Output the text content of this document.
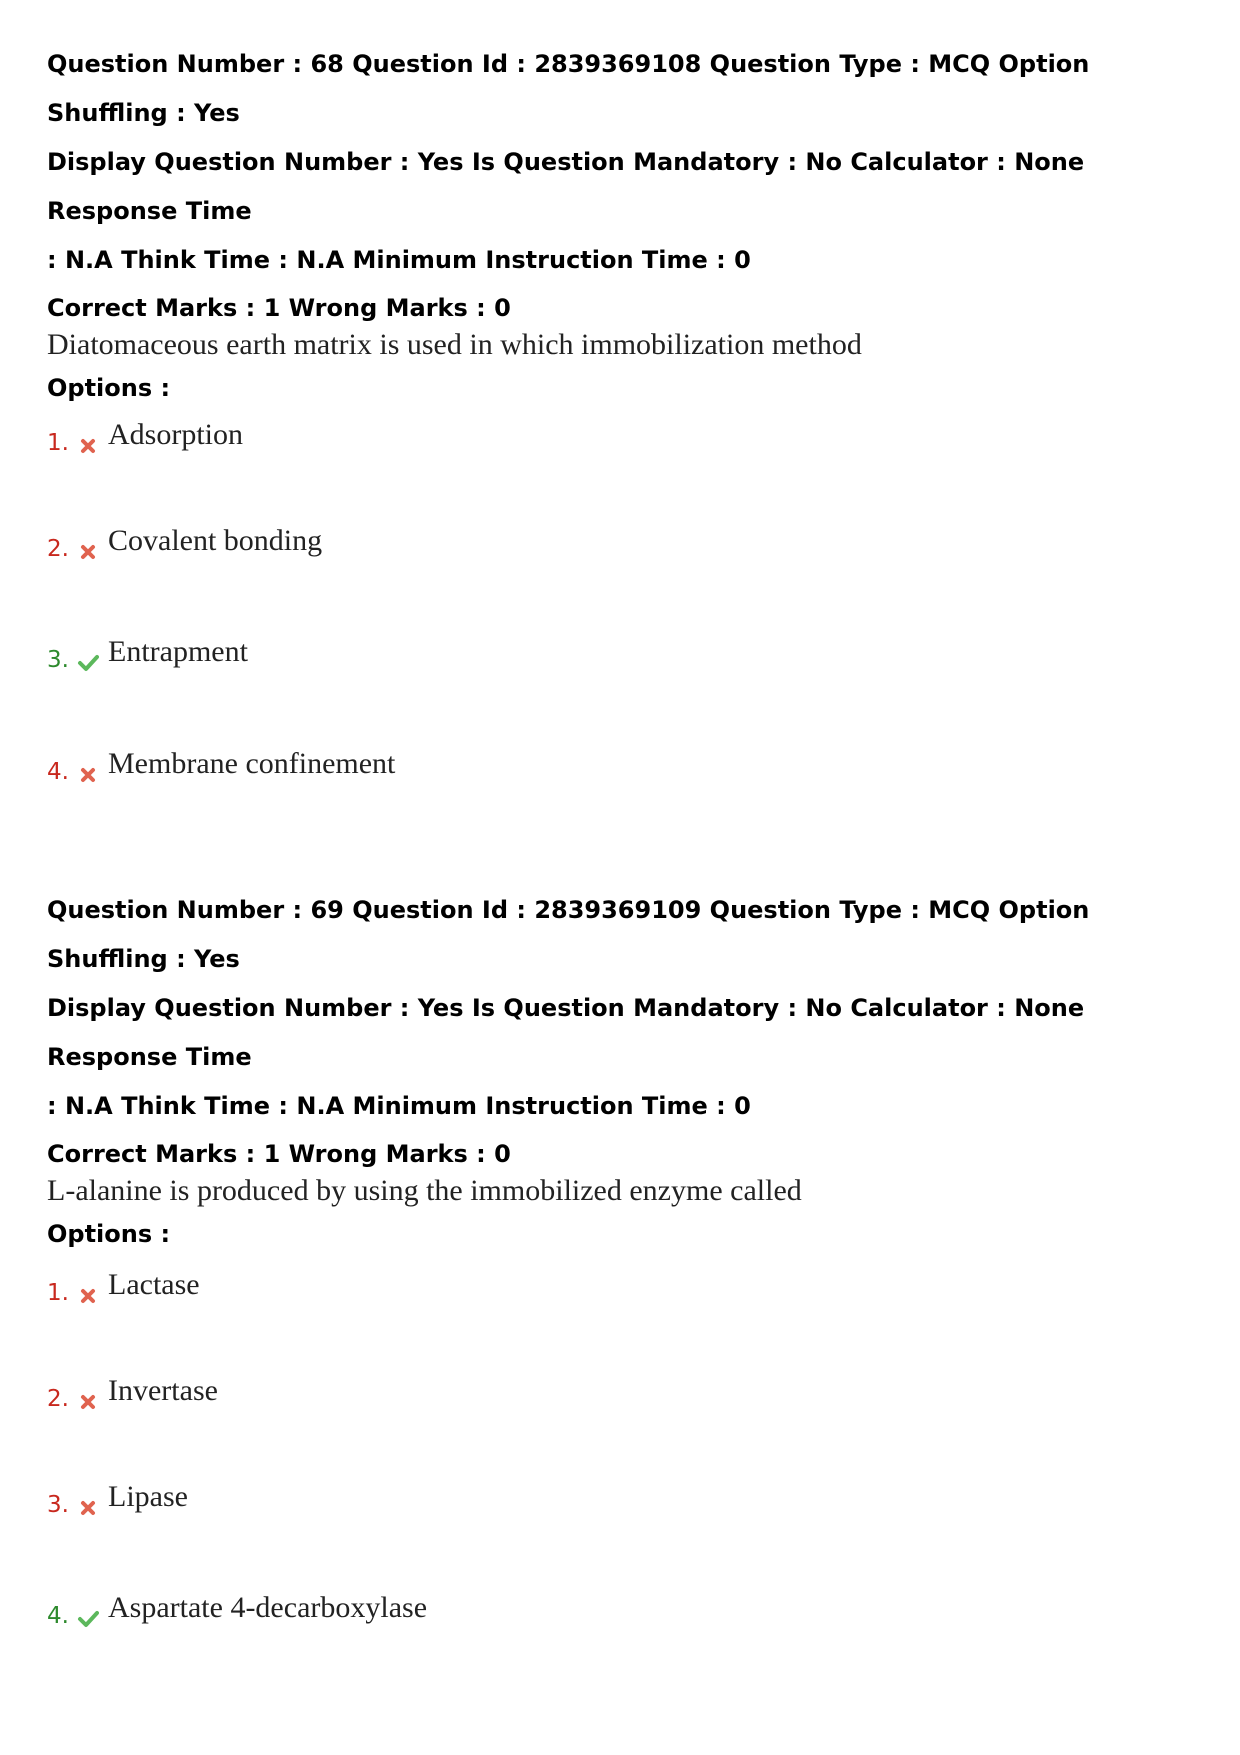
Question Number : 68 Question Id : 2839369108 Question Type : MCQ Option Shuffling : Yes
Display Question Number : Yes Is Question Mandatory : No Calculator : None Response Time
: N.A Think Time : N.A Minimum Instruction Time : 0
Correct Marks : 1 Wrong Marks : 0
Diatomaceous earth matrix is used in which immobilization method
Options :
1. Adsorption
2. Covalent bonding
3. Entrapment
4. Membrane confinement
Question Number : 69 Question Id : 2839369109 Question Type : MCQ Option Shuffling : Yes
Display Question Number : Yes Is Question Mandatory : No Calculator : None Response Time
: N.A Think Time : N.A Minimum Instruction Time : 0
Correct Marks : 1 Wrong Marks : 0
L-alanine is produced by using the immobilized enzyme called
Options :
1. Lactase
2. Invertase
3. Lipase
4. Aspartate 4-decarboxylase
